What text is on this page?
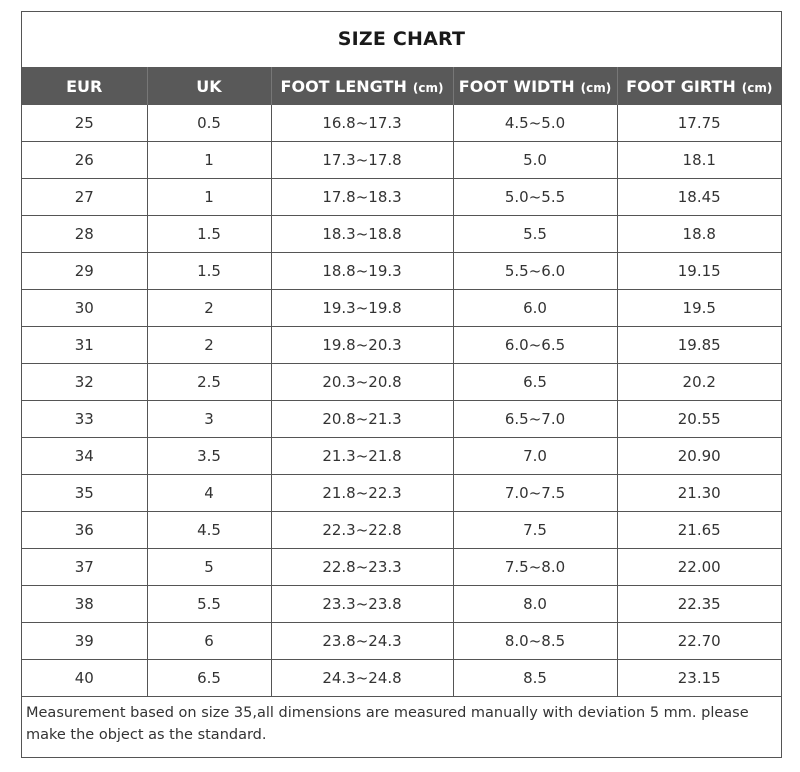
SIZE CHART
EUR	UK	FOOT LENGTH (cm)	FOOT WIDTH (cm)	FOOT GIRTH (cm)
25	0.5	16.8~17.3	4.5~5.0	17.75
26	1	17.3~17.8	5.0	18.1
27	1	17.8~18.3	5.0~5.5	18.45
28	1.5	18.3~18.8	5.5	18.8
29	1.5	18.8~19.3	5.5~6.0	19.15
30	2	19.3~19.8	6.0	19.5
31	2	19.8~20.3	6.0~6.5	19.85
32	2.5	20.3~20.8	6.5	20.2
33	3	20.8~21.3	6.5~7.0	20.55
34	3.5	21.3~21.8	7.0	20.90
35	4	21.8~22.3	7.0~7.5	21.30
36	4.5	22.3~22.8	7.5	21.65
37	5	22.8~23.3	7.5~8.0	22.00
38	5.5	23.3~23.8	8.0	22.35
39	6	23.8~24.3	8.0~8.5	22.70
40	6.5	24.3~24.8	8.5	23.15
Measurement based on size 35,all dimensions are measured manually with deviation 5 mm. please make the object as the standard.
